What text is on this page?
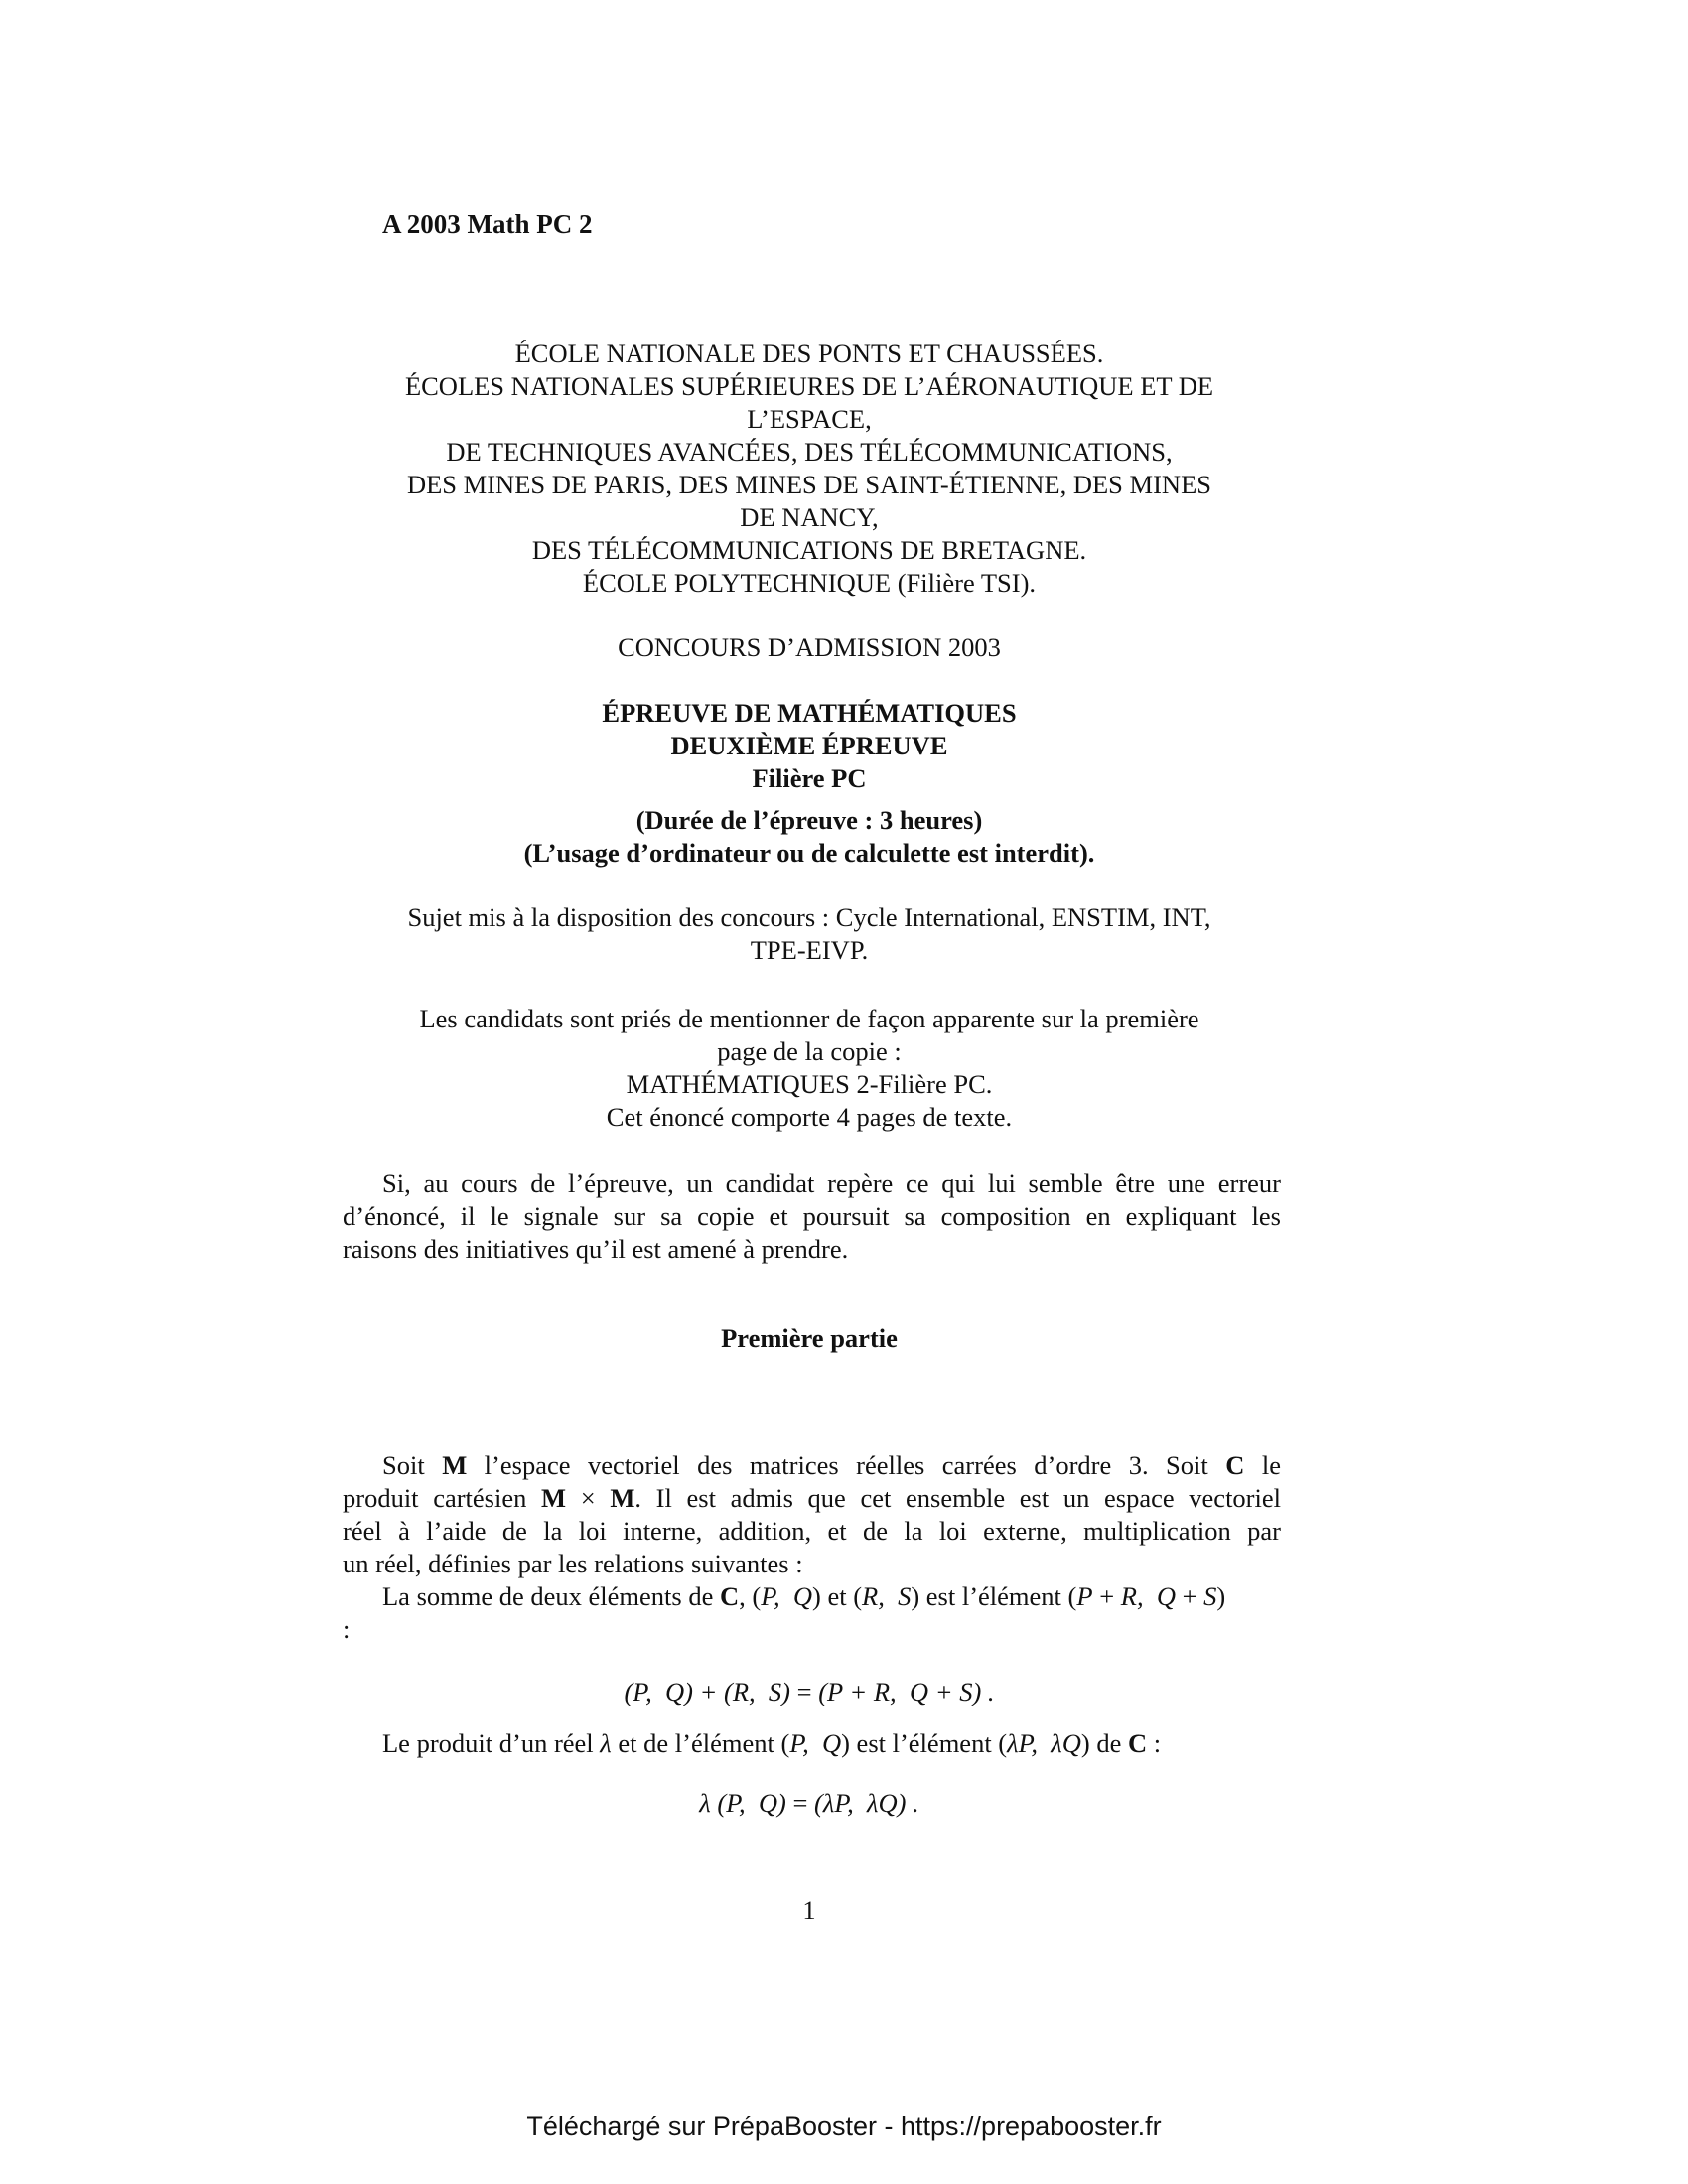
A 2003 Math PC 2
ÉCOLE NATIONALE DES PONTS ET CHAUSSÉES.
ÉCOLES NATIONALES SUPÉRIEURES DE L’AÉRONAUTIQUE ET DE
L’ESPACE,
DE TECHNIQUES AVANCÉES, DES TÉLÉCOMMUNICATIONS,
DES MINES DE PARIS, DES MINES DE SAINT-ÉTIENNE, DES MINES
DE NANCY,
DES TÉLÉCOMMUNICATIONS DE BRETAGNE.
ÉCOLE POLYTECHNIQUE (Filière TSI).
CONCOURS D’ADMISSION 2003
ÉPREUVE DE MATHÉMATIQUES
DEUXIÈME ÉPREUVE
Filière PC
(Durée de l’épreuve : 3 heures)
(L’usage d’ordinateur ou de calculette est interdit).
Sujet mis à la disposition des concours : Cycle International, ENSTIM, INT,
TPE-EIVP.
Les candidats sont priés de mentionner de façon apparente sur la première
page de la copie :
MATHÉMATIQUES 2-Filière PC.
Cet énoncé comporte 4 pages de texte.
Si, au cours de l’épreuve, un candidat repère ce qui lui semble être une erreur
d’énoncé, il le signale sur sa copie et poursuit sa composition en expliquant les
raisons des initiatives qu’il est amené à prendre.
Première partie
Soit M l’espace vectoriel des matrices réelles carrées d’ordre 3. Soit C le
produit cartésien M × M. Il est admis que cet ensemble est un espace vectoriel
réel à l’aide de la loi interne, addition, et de la loi externe, multiplication par
un réel, définies par les relations suivantes :
La somme de deux éléments de C, (P, Q) et (R, S) est l’élément (P + R, Q + S)
:
(P,  Q) + (R,  S) = (P + R,  Q + S) .
Le produit d’un réel λ et de l’élément (P,  Q) est l’élément (λP,  λQ) de C :
λ (P,  Q) = (λP,  λQ) .
1
Téléchargé sur PrépaBooster - https://prepabooster.fr
